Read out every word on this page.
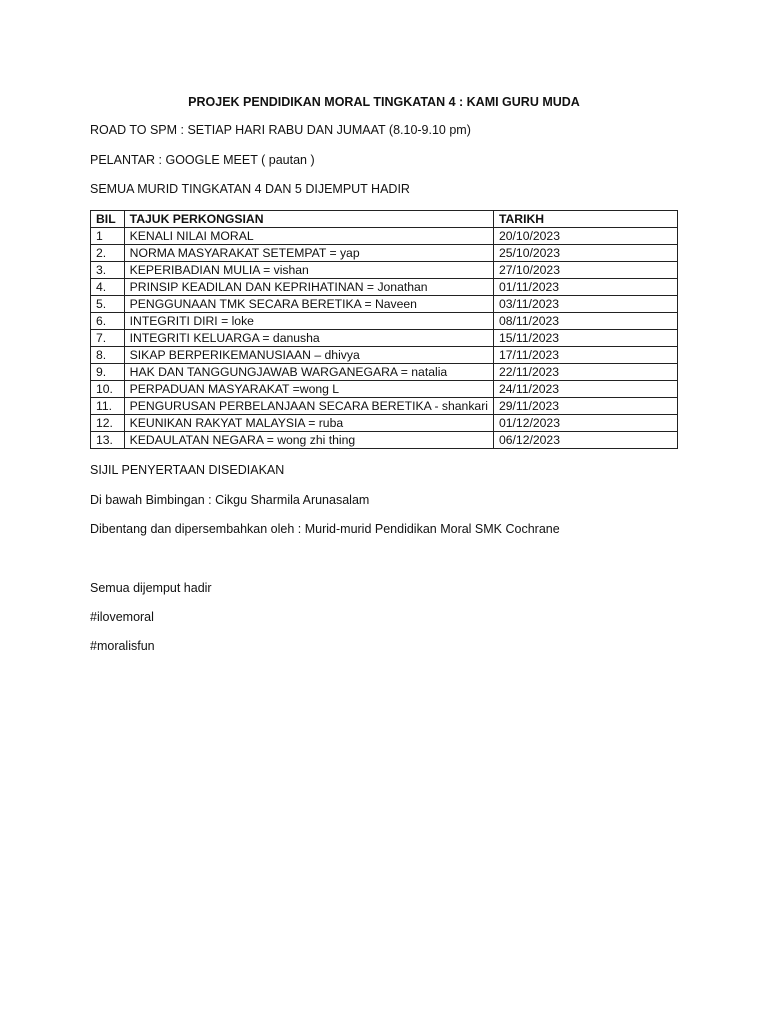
PROJEK PENDIDIKAN MORAL TINGKATAN 4 : KAMI GURU MUDA
ROAD TO SPM : SETIAP HARI RABU DAN JUMAAT (8.10-9.10 pm)
PELANTAR : GOOGLE MEET ( pautan )
SEMUA MURID TINGKATAN 4 DAN 5 DIJEMPUT HADIR
BIL	TAJUK PERKONGSIAN	TARIKH
1	KENALI NILAI MORAL	20/10/2023
2.	NORMA MASYARAKAT SETEMPAT = yap	25/10/2023
3.	KEPERIBADIAN MULIA = vishan	27/10/2023
4.	PRINSIP KEADILAN DAN KEPRIHATINAN = Jonathan	01/11/2023
5.	PENGGUNAAN TMK SECARA BERETIKA = Naveen	03/11/2023
6.	INTEGRITI DIRI = loke	08/11/2023
7.	INTEGRITI KELUARGA = danusha	15/11/2023
8.	SIKAP BERPERIKEMANUSIAAN – dhivya	17/11/2023
9.	HAK DAN TANGGUNGJAWAB WARGANEGARA = natalia	22/11/2023
10.	PERPADUAN MASYARAKAT =wong L	24/11/2023
11.	PENGURUSAN PERBELANJAAN SECARA BERETIKA - shankari	29/11/2023
12.	KEUNIKAN RAKYAT MALAYSIA = ruba	01/12/2023
13.	KEDAULATAN NEGARA = wong zhi thing	06/12/2023
SIJIL PENYERTAAN DISEDIAKAN
Di bawah Bimbingan : Cikgu Sharmila Arunasalam
Dibentang dan dipersembahkan oleh : Murid-murid Pendidikan Moral SMK Cochrane
Semua dijemput hadir
#ilovemoral
#moralisfun
